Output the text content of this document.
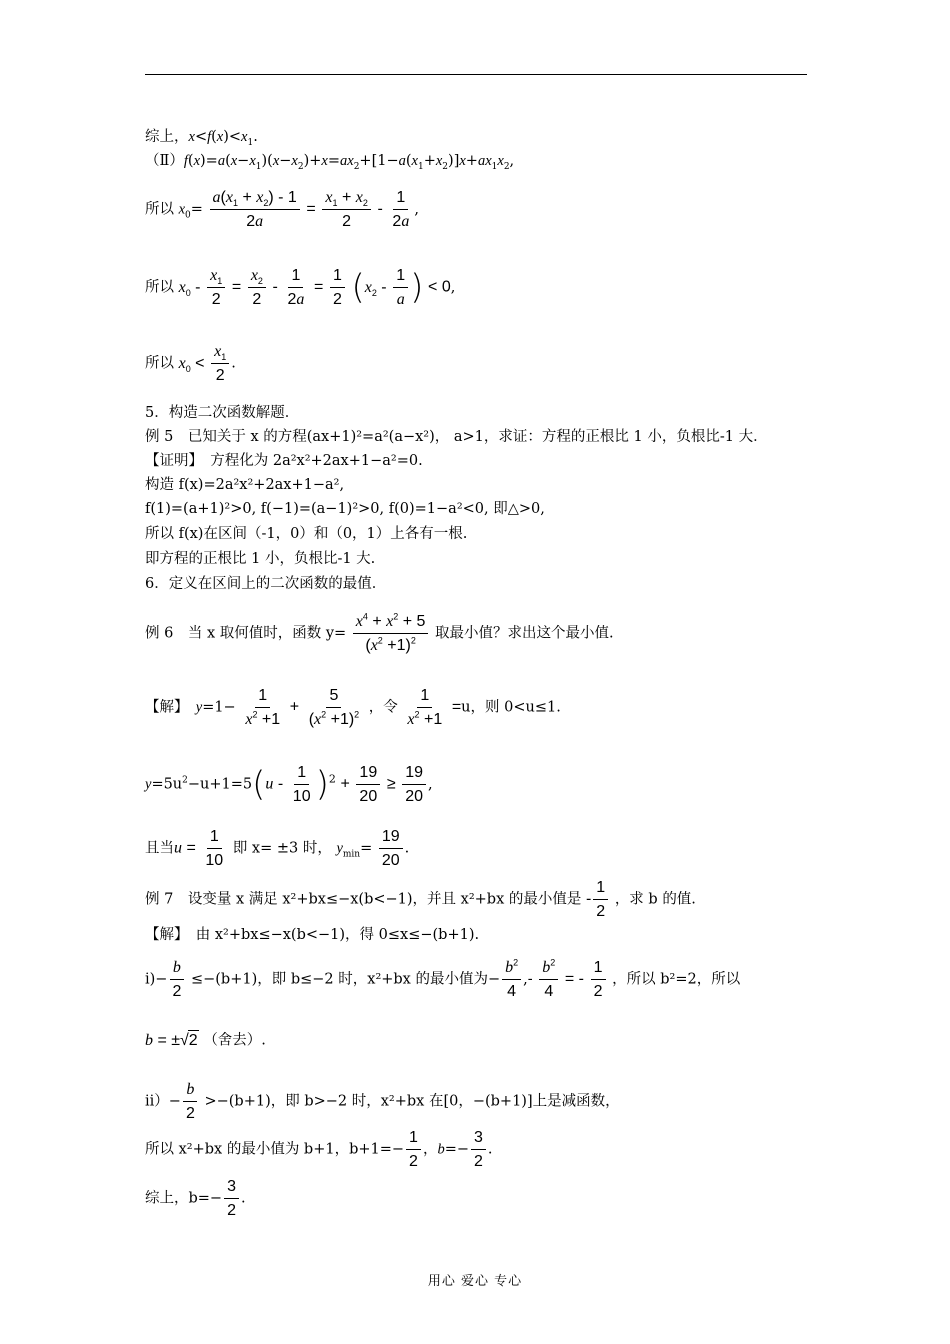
综上，$x<f(x)<x_1$.
$(Ⅱ)f(x)=a(x-x_1)(x-x_2)+x=ax_2+[1-a(x_1+x_2)]x+ax_1x_2$,
所以 $x_0= \frac{a(x_1 + x_2) - 1}{2a} = \frac{x_1 + x_2}{2} - \frac{1}{2a}$ ,
所以 $x_0 - \frac{x_1}{2} = \frac{x_2}{2} - \frac{1}{2a} = \frac{1}{2} (x_2 - \frac{1}{a}$ ) < 0,
所以 $x_0 < \frac{x_1}{2}$ .
5．构造二次函数解题．
例 5　已知关于 x 的方程(ax+1)²=a²(a−x²)， a>1，求证：方程的正根比 1 小，负根比-1 大．
【证明】　方程化为 2a²x²+2ax+1−a²=0.
构造 f(x)=2a²x²+2ax+1−a²,
f(1)=(a+1)²>0, f(−1)=(a−1)²>0, f(0)=1−a²<0, 即△>0,
所以 f(x)在区间（-1，0）和（0，1）上各有一根.
即方程的正根比 1 小，负根比-1 大.
6．定义在区间上的二次函数的最值．
例 6　当 x 取何值时，函数 $y= \frac{x^4 + x^2 + 5}{(x^2 +1)^2}$ 取最小值？求出这个最小值.
【解】　 $y=1- \frac{1}{x^2 +1} + \frac{5}{(x^2 +1)^2}$ ，令 $\frac{1}{x^2 +1} =u$，则 0<u≤1.
$y=5u^2-u+1=5(u - \frac{1}{10} )^2 + \frac{19}{20} \ge \frac{19}{20}$ ,
且当$u = \frac{1}{10}$ 即 x= ±3 时， $y_{min}= \frac{19}{20}$ .
例 7　设变量 x 满足 x²+bx≤−x(b<−1)，并且 x²+bx 的最小值是 - $\frac{1}{2}$ ，求 b 的值.
【解】　由 x²+bx≤−x(b<−1)，得 0≤x≤−(b+1).
ⅰ)− $\frac{b}{2} \le-(b+1)$，即 b≤−2 时，x²+bx 的最小值为− $\frac{b^2}{4}$ ,- $\frac{b^2}{4}$ = - $\frac{1}{2}$ ，所以 b²=2，所以
b = ±√2 （舍去）.
ⅱ）− $\frac{b}{2} >-(b+1)$，即 b>−2 时，x²+bx 在[0，−(b+1)]上是减函数，
所以 x²+bx 的最小值为 b+1，$b+1=- \frac{1}{2}$ ，$b=- \frac{3}{2}$ .
综上，$b=- \frac{3}{2}$ .
用心 爱心 专心
